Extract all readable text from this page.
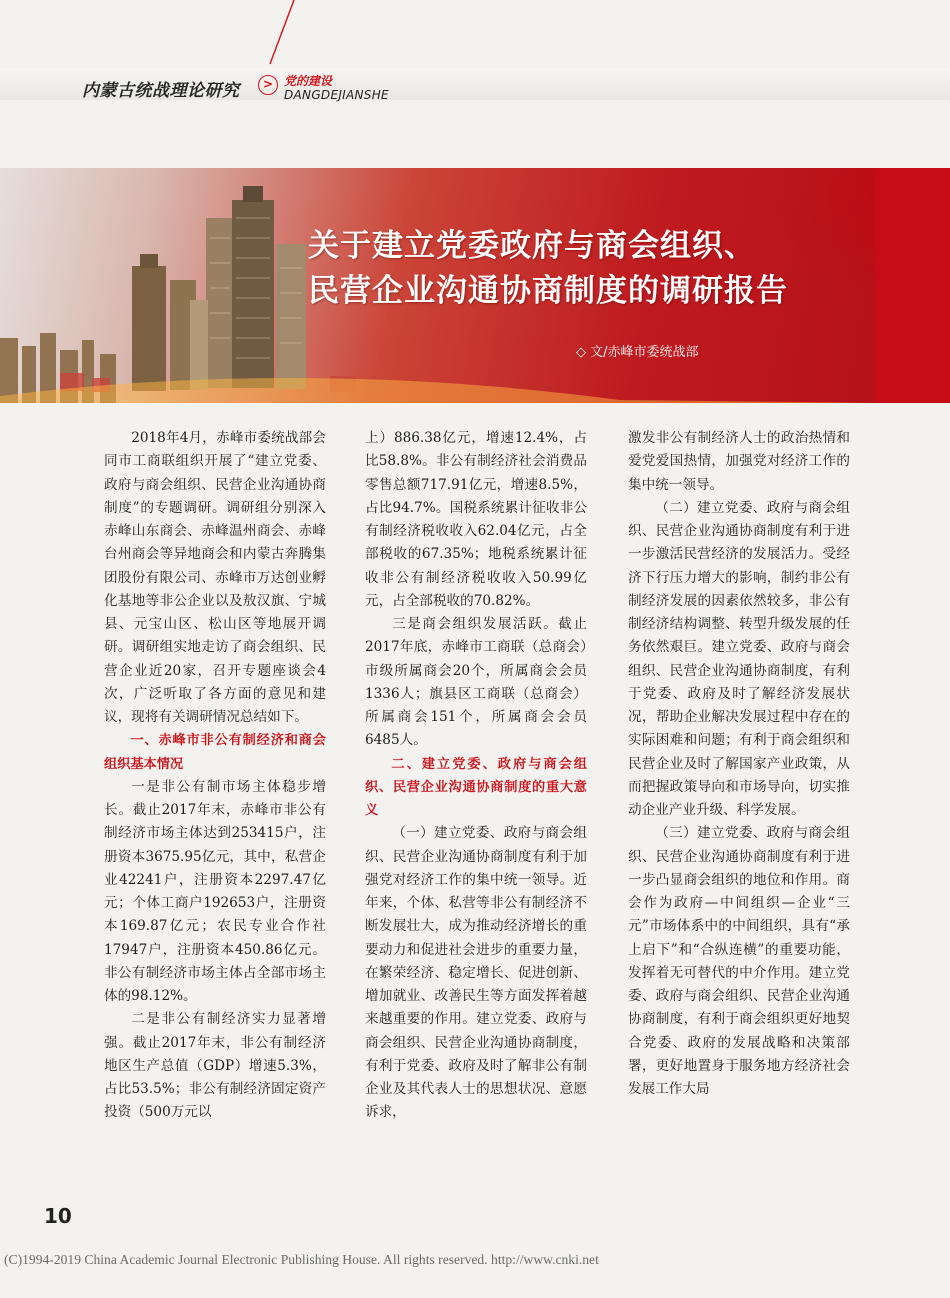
内蒙古统战理论研究	> 党的建设
DANGDEJIANSHE
关于建立党委政府与商会组织、
民营企业沟通协商制度的调研报告
◇ 文/赤峰市委统战部

2018年4月，赤峰市委统战部会同市工商联组织开展了“建立党委、政府与商会组织、民营企业沟通协商制度”的专题调研。调研组分别深入赤峰山东商会、赤峰温州商会、赤峰台州商会等异地商会和内蒙古奔腾集团股份有限公司、赤峰市万达创业孵化基地等非公企业以及敖汉旗、宁城县、元宝山区、松山区等地展开调研。调研组实地走访了商会组织、民营企业近20家，召开专题座谈会4次，广泛听取了各方面的意见和建议，现将有关调研情况总结如下。

一、赤峰市非公有制经济和商会组织基本情况

一是非公有制市场主体稳步增长。截止2017年末，赤峰市非公有制经济市场主体达到253415户，注册资本3675.95亿元，其中，私营企业42241户，注册资本2297.47亿元；个体工商户192653户，注册资本169.87亿元；农民专业合作社17947户，注册资本450.86亿元。非公有制经济市场主体占全部市场主体的98.12%。

二是非公有制经济实力显著增强。截止2017年末，非公有制经济地区生产总值（GDP）增速5.3%，占比53.5%；非公有制经济固定资产投资（500万元以

上）886.38亿元，增速12.4%，占比58.8%。非公有制经济社会消费品零售总额717.91亿元，增速8.5%，占比94.7%。国税系统累计征收非公有制经济税收收入62.04亿元，占全部税收的67.35%；地税系统累计征收非公有制经济税收收入50.99亿元，占全部税收的70.82%。

三是商会组织发展活跃。截止2017年底，赤峰市工商联（总商会）市级所属商会20个，所属商会会员1336人；旗县区工商联（总商会）所属商会151个，所属商会会员6485人。

二、建立党委、政府与商会组织、民营企业沟通协商制度的重大意义

（一）建立党委、政府与商会组织、民营企业沟通协商制度有利于加强党对经济工作的集中统一领导。近年来，个体、私营等非公有制经济不断发展壮大，成为推动经济增长的重要动力和促进社会进步的重要力量，在繁荣经济、稳定增长、促进创新、增加就业、改善民生等方面发挥着越来越重要的作用。建立党委、政府与商会组织、民营企业沟通协商制度，有利于党委、政府及时了解非公有制企业及其代表人士的思想状况、意愿诉求，

激发非公有制经济人士的政治热情和爱党爱国热情，加强党对经济工作的集中统一领导。

（二）建立党委、政府与商会组织、民营企业沟通协商制度有利于进一步激活民营经济的发展活力。受经济下行压力增大的影响，制约非公有制经济发展的因素依然较多，非公有制经济结构调整、转型升级发展的任务依然艰巨。建立党委、政府与商会组织、民营企业沟通协商制度，有利于党委、政府及时了解经济发展状况，帮助企业解决发展过程中存在的实际困难和问题；有利于商会组织和民营企业及时了解国家产业政策，从而把握政策导向和市场导向，切实推动企业产业升级、科学发展。

（三）建立党委、政府与商会组织、民营企业沟通协商制度有利于进一步凸显商会组织的地位和作用。商会作为政府—中间组织—企业“三元”市场体系中的中间组织，具有“承上启下”和“合纵连横”的重要功能，发挥着无可替代的中介作用。建立党委、政府与商会组织、民营企业沟通协商制度，有利于商会组织更好地契合党委、政府的发展战略和决策部署，更好地置身于服务地方经济社会发展工作大局

10
(C)1994-2019 China Academic Journal Electronic Publishing House. All rights reserved. http://www.cnki.net
